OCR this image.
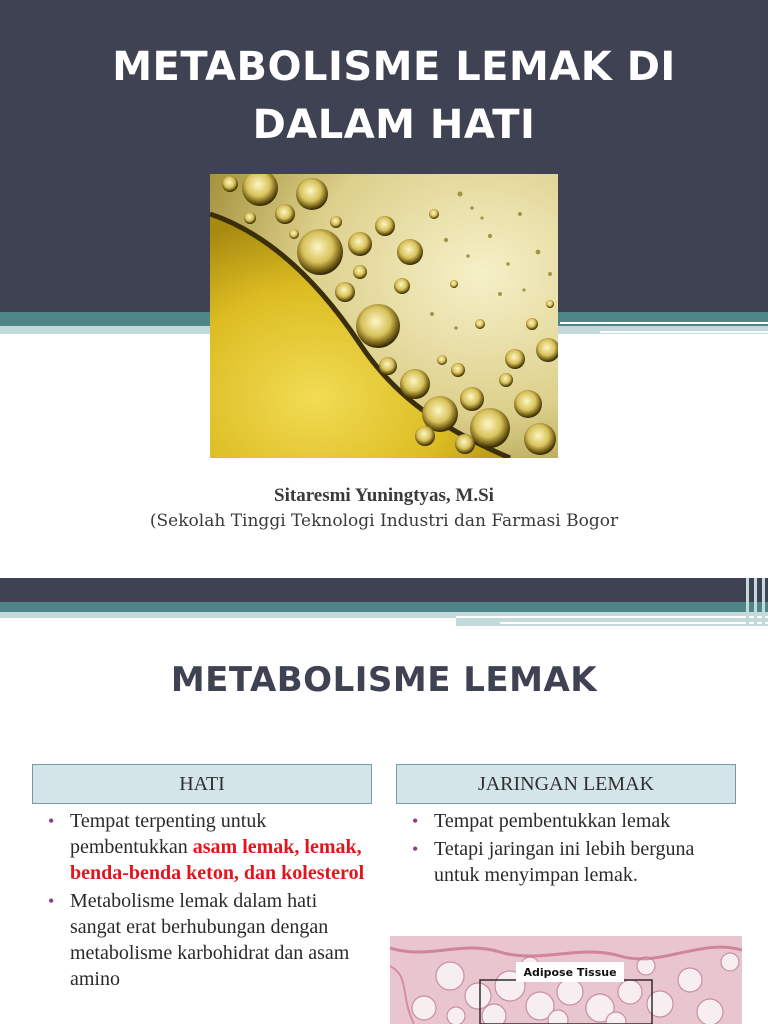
METABOLISME LEMAK DI DALAM HATI
Sitaresmi Yuningtyas, M.Si
(Sekolah Tinggi Teknologi Industri dan Farmasi Bogor
METABOLISME LEMAK
HATI	JARINGAN LEMAK
• Tempat terpenting untuk pembentukkan asam lemak, lemak, benda-benda keton, dan kolesterol
• Metabolisme lemak dalam hati sangat erat berhubungan dengan metabolisme karbohidrat dan asam amino
• Tempat pembentukkan lemak
• Tetapi jaringan ini lebih berguna untuk menyimpan lemak.
Adipose Tissue
